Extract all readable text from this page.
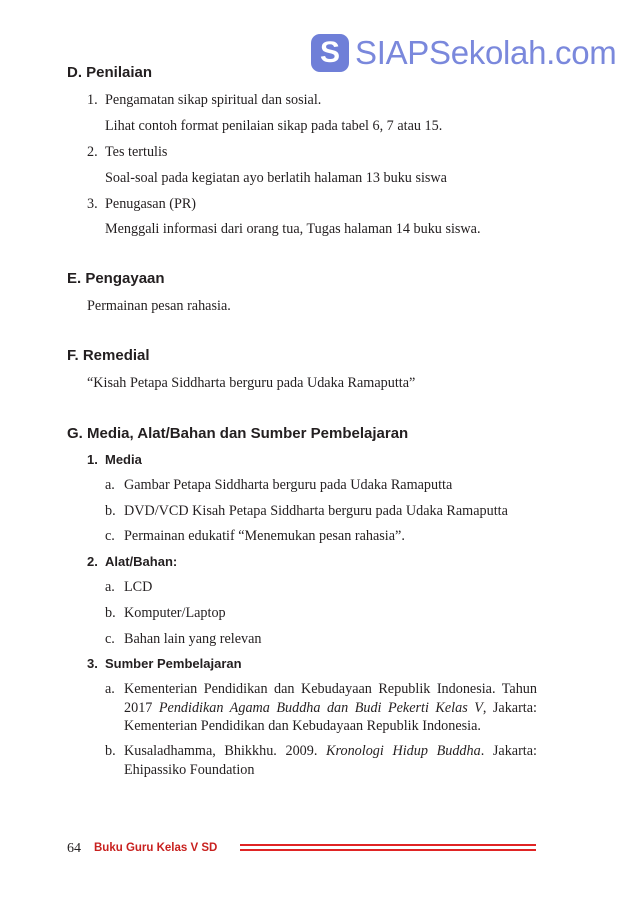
S SIAPSekolah.com
D. Penilaian
1. Pengamatan sikap spiritual dan sosial.
Lihat contoh format penilaian sikap pada tabel 6, 7 atau 15.
2. Tes tertulis
Soal-soal pada kegiatan ayo berlatih halaman 13 buku siswa
3. Penugasan (PR)
Menggali informasi dari orang tua, Tugas halaman 14 buku siswa.
E. Pengayaan
Permainan pesan rahasia.
F. Remedial
“Kisah Petapa Siddharta berguru pada Udaka Ramaputta”
G. Media, Alat/Bahan dan Sumber Pembelajaran
1. Media
a. Gambar Petapa Siddharta berguru pada Udaka Ramaputta
b. DVD/VCD Kisah Petapa Siddharta berguru pada Udaka Ramaputta
c. Permainan edukatif “Menemukan pesan rahasia”.
2. Alat/Bahan:
a. LCD
b. Komputer/Laptop
c. Bahan lain yang relevan
3. Sumber Pembelajaran
a. Kementerian Pendidikan dan Kebudayaan Republik Indonesia. Tahun
2017 Pendidikan Agama Buddha dan Budi Pekerti Kelas V, Jakarta:
Kementerian Pendidikan dan Kebudayaan Republik Indonesia.
b. Kusaladhamma, Bhikkhu. 2009. Kronologi Hidup Buddha. Jakarta:
Ehipassiko Foundation
64 Buku Guru Kelas V SD
